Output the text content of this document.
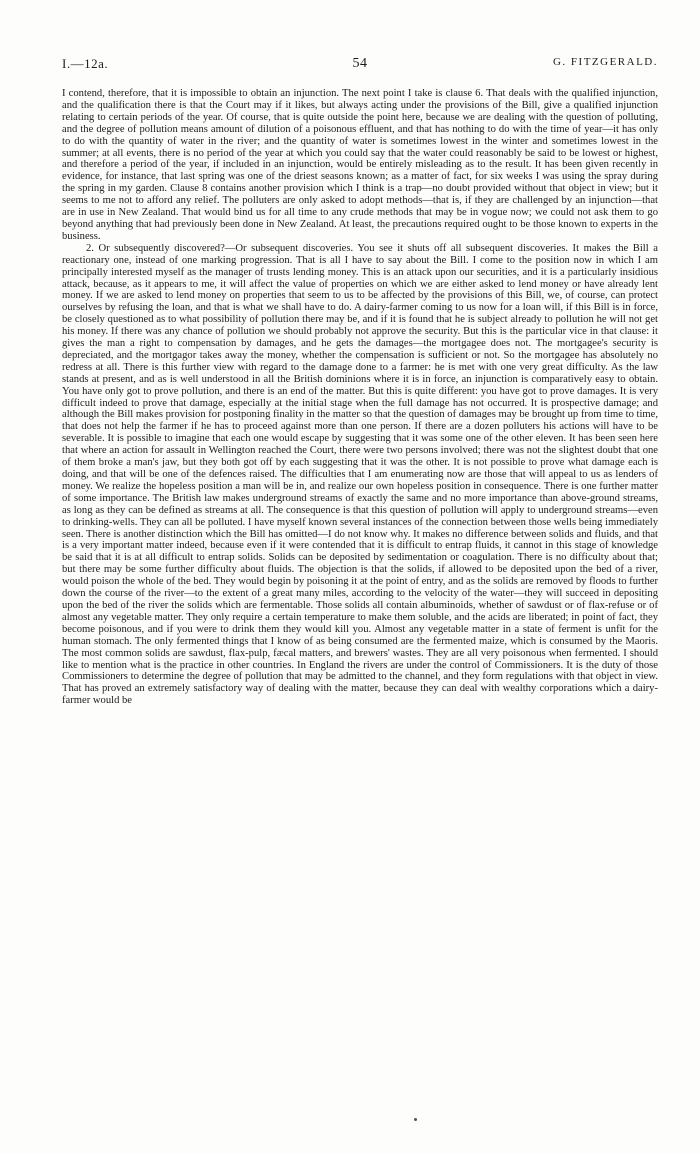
I.—12a.	54	G. FITZGERALD.

I contend, therefore, that it is impossible to obtain an injunction. The next point I take is clause 6. That deals with the qualified injunction, and the qualification there is that the Court may if it likes, but always acting under the provisions of the Bill, give a qualified injunction relating to certain periods of the year. Of course, that is quite outside the point here, because we are dealing with the question of polluting, and the degree of pollution means amount of dilution of a poisonous effluent, and that has nothing to do with the time of year—it has only to do with the quantity of water in the river; and the quantity of water is sometimes lowest in the winter and sometimes lowest in the summer; at all events, there is no period of the year at which you could say that the water could reasonably be said to be lowest or highest, and therefore a period of the year, if included in an injunction, would be entirely misleading as to the result. It has been given recently in evidence, for instance, that last spring was one of the driest seasons known; as a matter of fact, for six weeks I was using the spray during the spring in my garden. Clause 8 contains another provision which I think is a trap—no doubt provided without that object in view; but it seems to me not to afford any relief. The polluters are only asked to adopt methods—that is, if they are challenged by an injunction—that are in use in New Zealand. That would bind us for all time to any crude methods that may be in vogue now; we could not ask them to go beyond anything that had previously been done in New Zealand. At least, the precautions required ought to be those known to experts in the business.

2. Or subsequently discovered?—Or subsequent discoveries. You see it shuts off all subsequent discoveries. It makes the Bill a reactionary one, instead of one marking progression. That is all I have to say about the Bill. I come to the position now in which I am principally interested myself as the manager of trusts lending money. This is an attack upon our securities, and it is a particularly insidious attack, because, as it appears to me, it will affect the value of properties on which we are either asked to lend money or have already lent money. If we are asked to lend money on properties that seem to us to be affected by the provisions of this Bill, we, of course, can protect ourselves by refusing the loan, and that is what we shall have to do. A dairy-farmer coming to us now for a loan will, if this Bill is in force, be closely questioned as to what possibility of pollution there may be, and if it is found that he is subject already to pollution he will not get his money. If there was any chance of pollution we should probably not approve the security. But this is the particular vice in that clause: it gives the man a right to compensation by damages, and he gets the damages—the mortgagee does not. The mortgagee's security is depreciated, and the mortgagor takes away the money, whether the compensation is sufficient or not. So the mortgagee has absolutely no redress at all. There is this further view with regard to the damage done to a farmer: he is met with one very great difficulty. As the law stands at present, and as is well understood in all the British dominions where it is in force, an injunction is comparatively easy to obtain. You have only got to prove pollution, and there is an end of the matter. But this is quite different: you have got to prove damages. It is very difficult indeed to prove that damage, especially at the initial stage when the full damage has not occurred. It is prospective damage; and although the Bill makes provision for postponing finality in the matter so that the question of damages may be brought up from time to time, that does not help the farmer if he has to proceed against more than one person. If there are a dozen polluters his actions will have to be severable. It is possible to imagine that each one would escape by suggesting that it was some one of the other eleven. It has been seen here that where an action for assault in Wellington reached the Court, there were two persons involved; there was not the slightest doubt that one of them broke a man's jaw, but they both got off by each suggesting that it was the other. It is not possible to prove what damage each is doing, and that will be one of the defences raised. The difficulties that I am enumerating now are those that will appeal to us as lenders of money. We realize the hopeless position a man will be in, and realize our own hopeless position in consequence. There is one further matter of some importance. The British law makes underground streams of exactly the same and no more importance than above-ground streams, as long as they can be defined as streams at all. The consequence is that this question of pollution will apply to underground streams—even to drinking-wells. They can all be polluted. I have myself known several instances of the connection between those wells being immediately seen. There is another distinction which the Bill has omitted—I do not know why. It makes no difference between solids and fluids, and that is a very important matter indeed, because even if it were contended that it is difficult to entrap fluids, it cannot in this stage of knowledge be said that it is at all difficult to entrap solids. Solids can be deposited by sedimentation or coagulation. There is no difficulty about that; but there may be some further difficulty about fluids. The objection is that the solids, if allowed to be deposited upon the bed of a river, would poison the whole of the bed. They would begin by poisoning it at the point of entry, and as the solids are removed by floods to further down the course of the river—to the extent of a great many miles, according to the velocity of the water—they will succeed in depositing upon the bed of the river the solids which are fermentable. Those solids all contain albuminoids, whether of sawdust or of flax-refuse or of almost any vegetable matter. They only require a certain temperature to make them soluble, and the acids are liberated; in point of fact, they become poisonous, and if you were to drink them they would kill you. Almost any vegetable matter in a state of ferment is unfit for the human stomach. The only fermented things that I know of as being consumed are the fermented maize, which is consumed by the Maoris. The most common solids are sawdust, flax-pulp, fæcal matters, and brewers' wastes. They are all very poisonous when fermented. I should like to mention what is the practice in other countries. In England the rivers are under the control of Commissioners. It is the duty of those Commissioners to determine the degree of pollution that may be admitted to the channel, and they form regulations with that object in view. That has proved an extremely satisfactory way of dealing with the matter, because they can deal with wealthy corporations which a dairy-farmer would be
